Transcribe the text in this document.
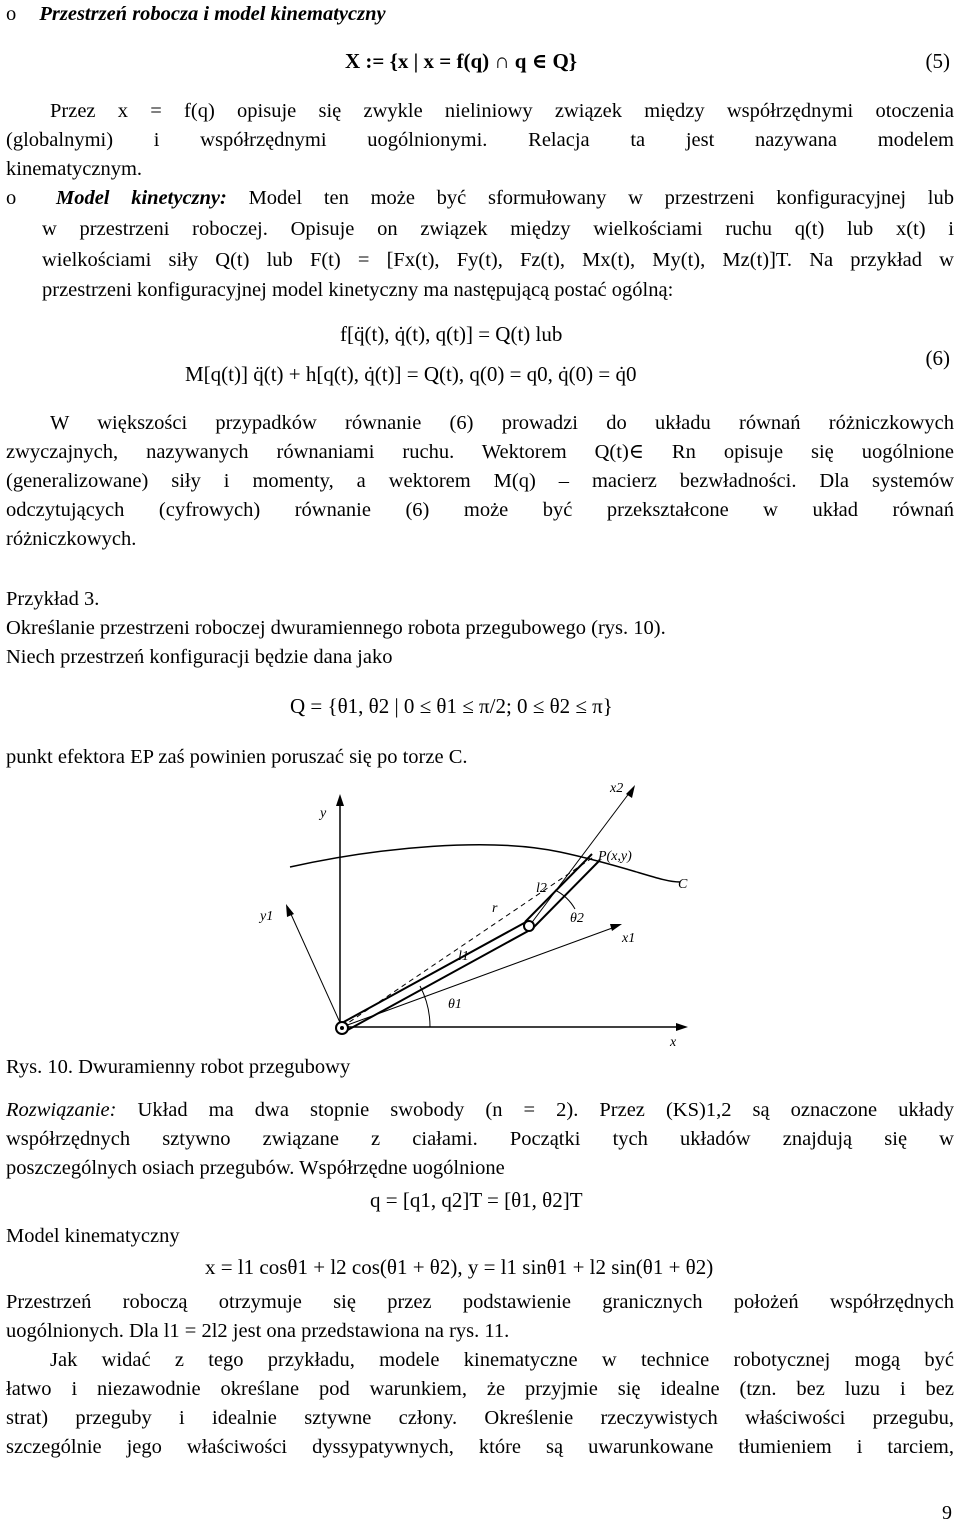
o Przestrzeń robocza i model kinematyczny
X := {x | x = f(q) ∩ q ∈ Q}	(5)
Przez x = f(q) opisuje się zwykle nieliniowy związek między współrzędnymi otoczenia
(globalnymi) i współrzędnymi uogólnionymi. Relacja ta jest nazywana modelem
kinematycznym.
o Model kinetyczny: Model ten może być sformułowany w przestrzeni konfiguracyjnej lub
w przestrzeni roboczej. Opisuje on związek między wielkościami ruchu q(t) lub x(t) i
wielkościami siły Q(t) lub F(t) = [Fx(t), Fy(t), Fz(t), Mx(t), My(t), Mz(t)]T. Na przykład w
przestrzeni konfiguracyjnej model kinetyczny ma następującą postać ogólną:
f[q̈(t), q̇(t), q(t)] = Q(t) lub
M[q(t)] q̈(t) + h[q(t), q̇(t)] = Q(t), q(0) = q0, q̇(0) = q̇0
(6)
W większości przypadków równanie (6) prowadzi do układu równań różniczkowych
zwyczajnych, nazywanych równaniami ruchu. Wektorem Q(t)∈ Rn opisuje się uogólnione
(generalizowane) siły i momenty, a wektorem M(q) – macierz bezwładności. Dla systemów
odczytujących (cyfrowych) równanie (6) może być przekształcone w układ równań
różniczkowych.
Przykład 3.
Określanie przestrzeni roboczej dwuramiennego robota przegubowego (rys. 10).
Niech przestrzeń konfiguracji będzie dana jako
Q = {θ1, θ2 | 0 ≤ θ1 ≤ π/2; 0 ≤ θ2 ≤ π}
punkt efektora EP zaś powinien poruszać się po torze C.
x2
y
P(x,y)
C
y1
r
l2
θ2
x1
l1
θ1
x
Rys. 10. Dwuramienny robot przegubowy
Rozwiązanie: Układ ma dwa stopnie swobody (n = 2). Przez (KS)1,2 są oznaczone układy
współrzędnych sztywno związane z ciałami. Początki tych układów znajdują się w
poszczególnych osiach przegubów. Współrzędne uogólnione
q = [q1, q2]T = [θ1, θ2]T
Model kinematyczny
x = l1 cosθ1 + l2 cos(θ1 + θ2), y = l1 sinθ1 + l2 sin(θ1 + θ2)
Przestrzeń roboczą otrzymuje się przez podstawienie granicznych położeń współrzędnych
uogólnionych. Dla l1 = 2l2 jest ona przedstawiona na rys. 11.
Jak widać z tego przykładu, modele kinematyczne w technice robotycznej mogą być
łatwo i niezawodnie określane pod warunkiem, że przyjmie się idealne (tzn. bez luzu i bez
strat) przeguby i idealnie sztywne człony. Określenie rzeczywistych właściwości przegubu,
szczególnie jego właściwości dyssypatywnych, które są uwarunkowane tłumieniem i tarciem,
9
